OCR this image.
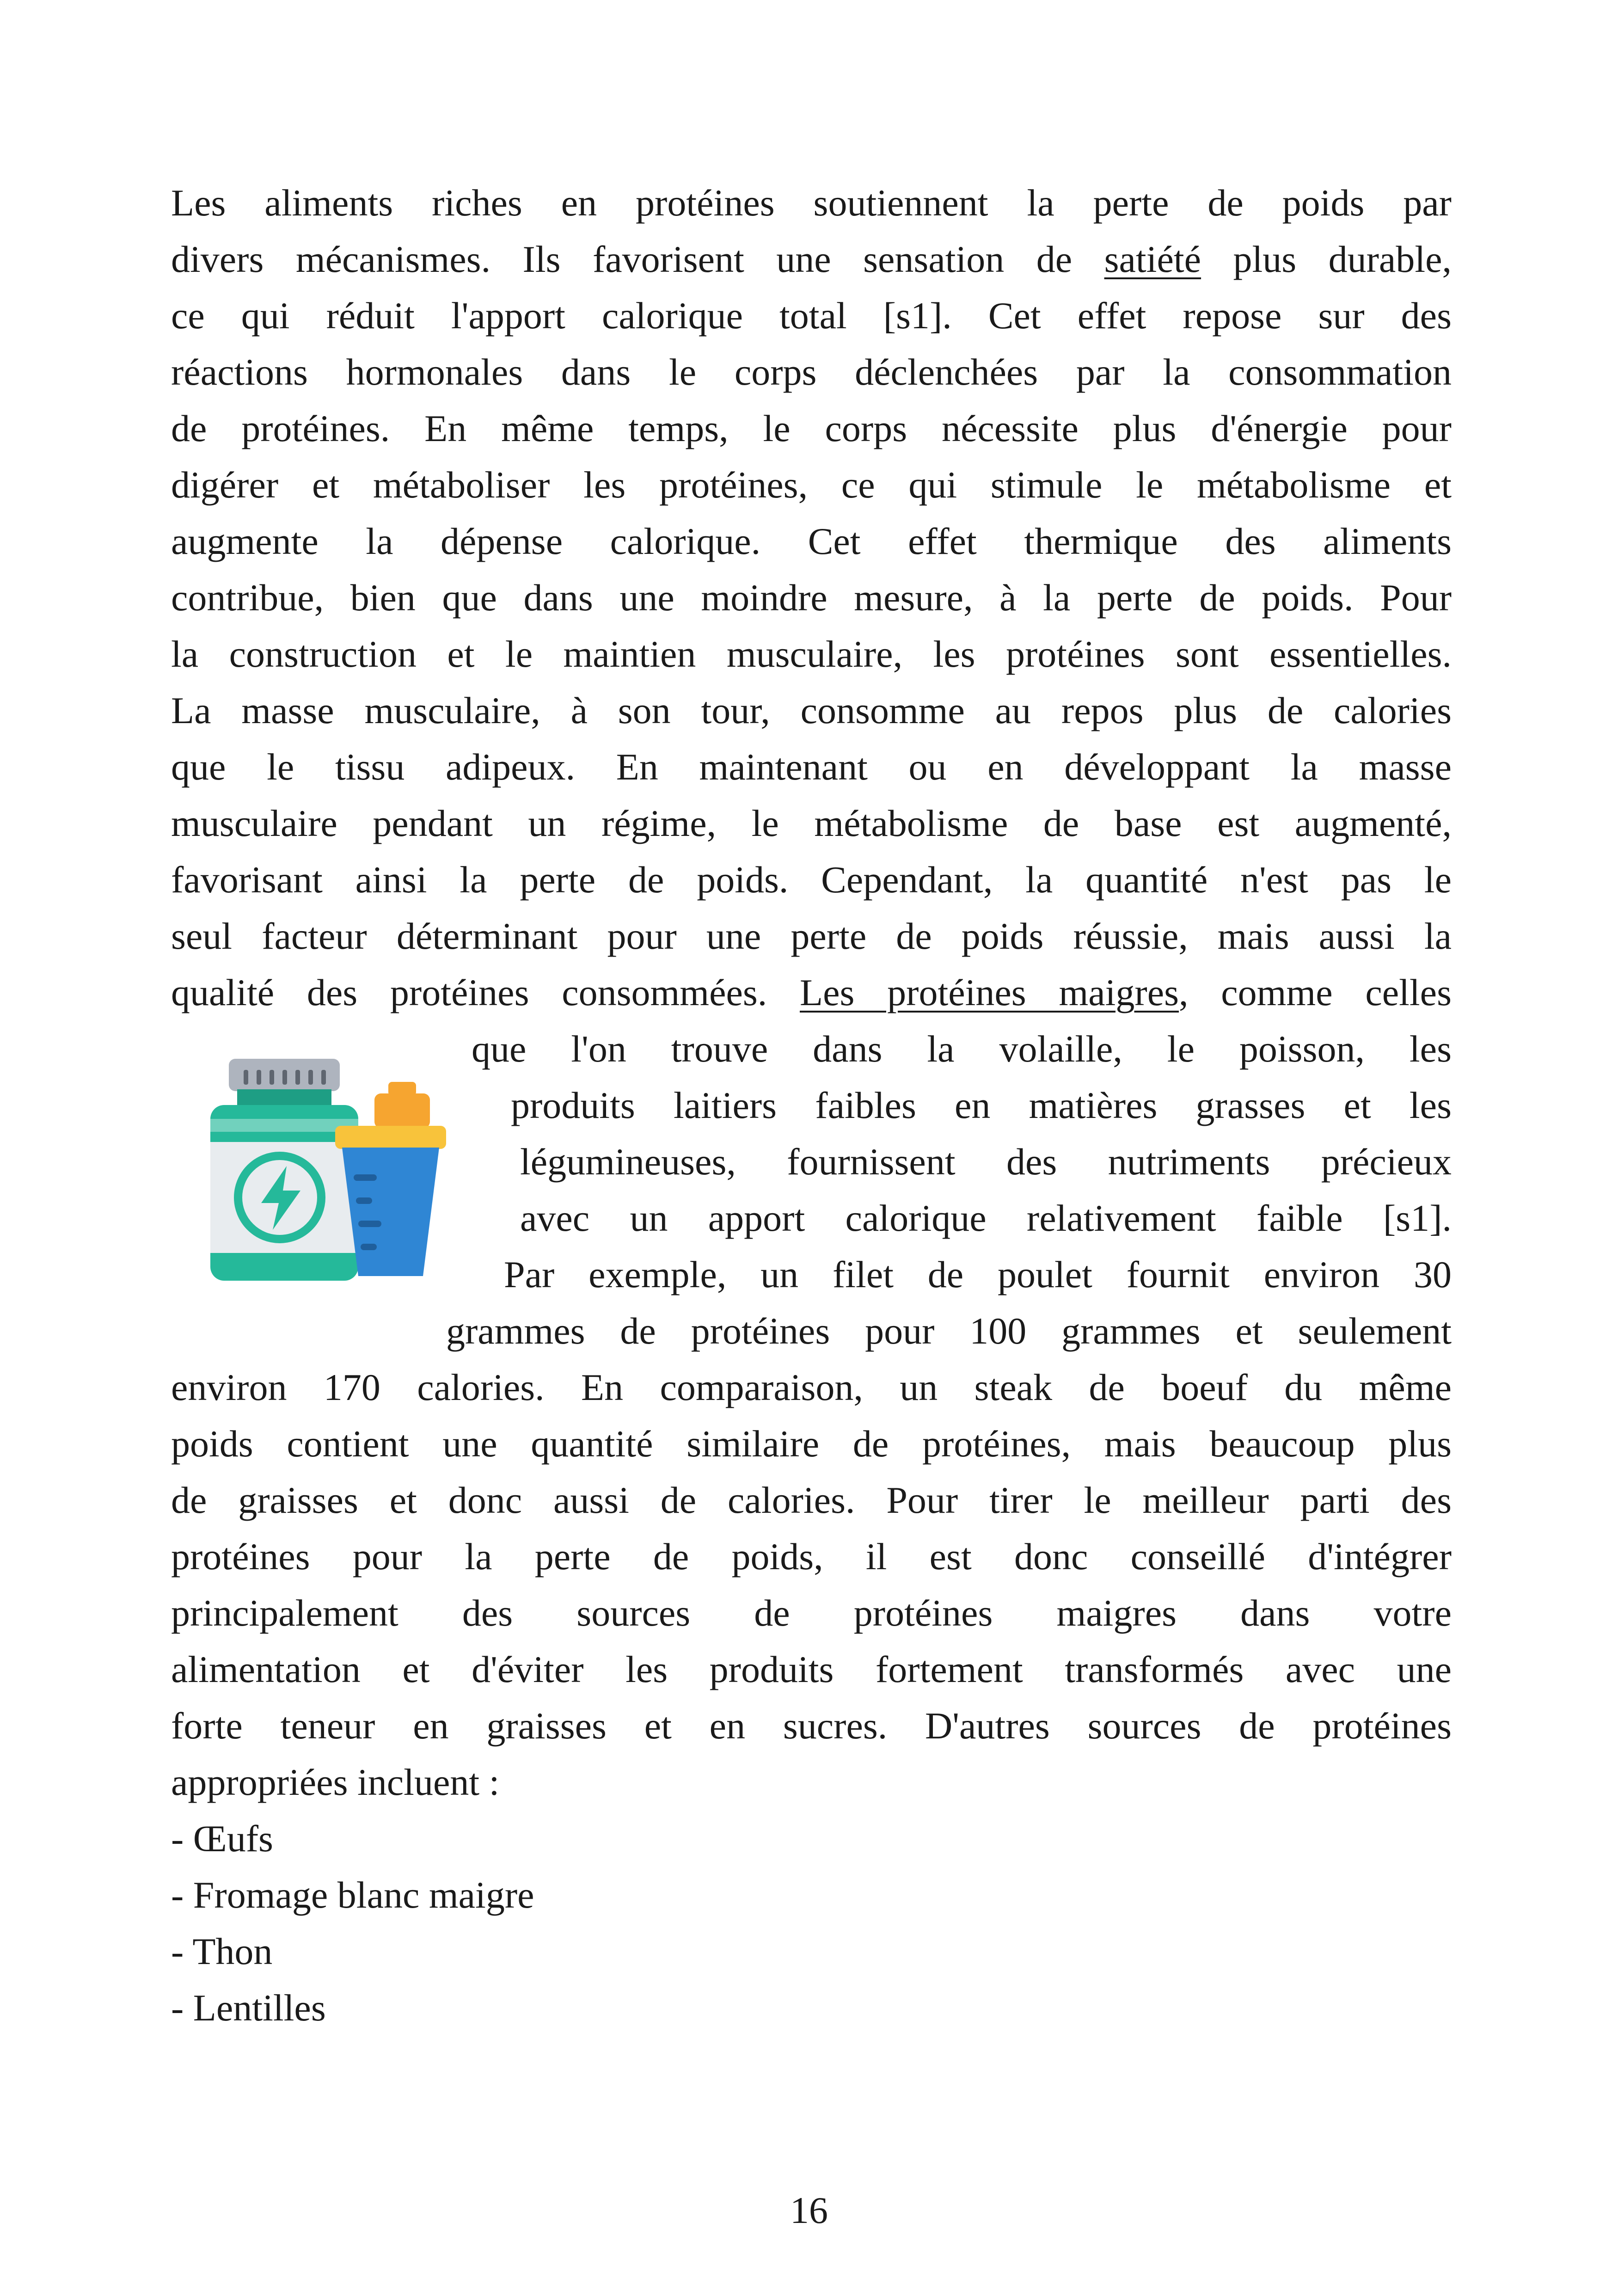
Les aliments riches en protéines soutiennent la perte de poids par
divers mécanismes. Ils favorisent une sensation de satiété plus durable,
ce qui réduit l'apport calorique total [s1]. Cet effet repose sur des
réactions hormonales dans le corps déclenchées par la consommation
de protéines. En même temps, le corps nécessite plus d'énergie pour
digérer et métaboliser les protéines, ce qui stimule le métabolisme et
augmente la dépense calorique. Cet effet thermique des aliments
contribue, bien que dans une moindre mesure, à la perte de poids. Pour
la construction et le maintien musculaire, les protéines sont essentielles.
La masse musculaire, à son tour, consomme au repos plus de calories
que le tissu adipeux. En maintenant ou en développant la masse
musculaire pendant un régime, le métabolisme de base est augmenté,
favorisant ainsi la perte de poids. Cependant, la quantité n'est pas le
seul facteur déterminant pour une perte de poids réussie, mais aussi la
qualité des protéines consommées. Les protéines maigres, comme celles
que l'on trouve dans la volaille, le poisson, les
produits laitiers faibles en matières grasses et les
légumineuses, fournissent des nutriments précieux
avec un apport calorique relativement faible [s1].
Par exemple, un filet de poulet fournit environ 30
grammes de protéines pour 100 grammes et seulement
environ 170 calories. En comparaison, un steak de boeuf du même
poids contient une quantité similaire de protéines, mais beaucoup plus
de graisses et donc aussi de calories. Pour tirer le meilleur parti des
protéines pour la perte de poids, il est donc conseillé d'intégrer
principalement des sources de protéines maigres dans votre
alimentation et d'éviter les produits fortement transformés avec une
forte teneur en graisses et en sucres. D'autres sources de protéines
appropriées incluent :
- Œufs
- Fromage blanc maigre
- Thon
- Lentilles
16
